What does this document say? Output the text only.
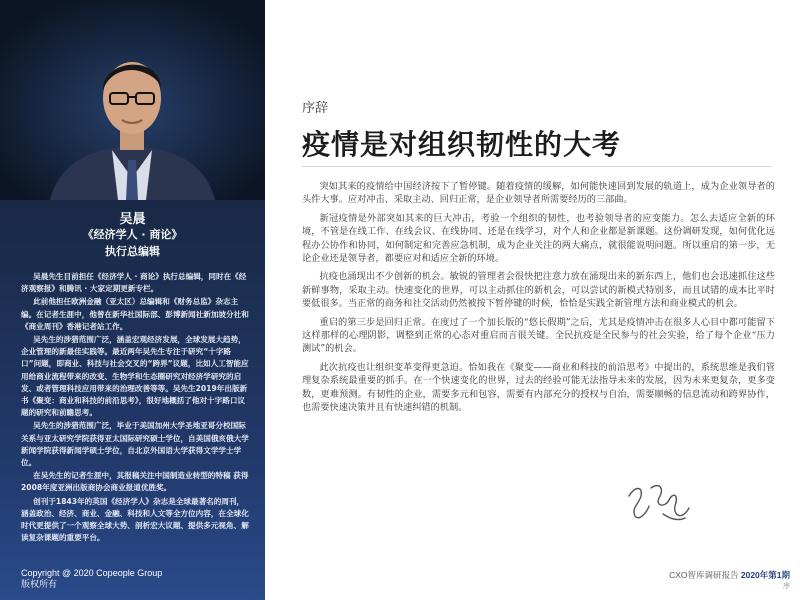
吴晨
《经济学人 · 商论》
执行总编辑

吴晨先生目前担任《经济学人 · 商论》执行总编辑，同时在《经济观察报》和腾讯 · 大家定期更新专栏。

此前他担任欧洲金融（亚太区）总编辑和《财务总监》杂志主编。在记者生涯中，他曾在新华社国际部、彭博新闻社新加坡分社和《商业周刊》香港记者站工作。

吴先生的涉猎范围广泛，涵盖宏观经济发展，全球发展大趋势，企业管理的新最佳实践等。最近两年吴先生专注于研究“十字路口”问题，即商业、科技与社会交叉的“跨界”议题，比如人工智能应用给商业流程带来的改变、生物学和生态圈研究对经济学研究的启发、或者管理科技应用带来的治理改善等等。吴先生2019年出版新书《聚变：商业和科技的前沿思考》，很好地概括了他对十字路口议题的研究和前瞻思考。

吴先生的涉猎范围广泛，毕业于美国加州大学圣地亚哥分校国际关系与亚太研究学院获得亚太国际研究硕士学位，自美国俄亥俄大学新闻学院获得新闻学硕士学位，自北京外国语大学获得文学学士学位。

在吴先生的记者生涯中，其报稿关注中国制造业转型的特稿 获得2008年度亚洲出版商协会商业报道优胜奖。

创刊于1843年的英国《经济学人》杂志是全球最著名的周刊，涵盖政治、经济、商业、金融、科技和人文等全方位内容，在全球化时代更提供了一个观察全球大势、剖析宏大议题、提供多元视角、解读复杂课题的重要平台。

Copyright @ 2020 Copeople Group
版权所有
序辞
疫情是对组织韧性的大考

突如其来的疫情给中国经济按下了暂停键。随着疫情的缓解，如何能快速回到发展的轨道上，成为企业领导者的头件大事。应对冲击、采取主动、回归正常，是企业领导者所需要经历的三部曲。

新冠疫情是外部突如其来的巨大冲击，考验一个组织的韧性，也考验领导者的应变能力。怎么去适应全新的环境，不管是在线工作、在线会议、在线协同、还是在线学习，对个人和企业都是新课题。这份调研发现，如何优化远程办公协作和协同，如何制定和完善应急机制，成为企业关注的两大痛点，就很能说明问题。所以重启的第一步，无论企业还是领导者，都要应对和适应全新的环境。

抗疫也涌现出不少创新的机会。敏锐的管理者会很快把注意力放在涌现出来的新东西上，他们也会迅速抓住这些新鲜事物，采取主动。快速变化的世界，可以主动抓住的新机会，可以尝试的新模式特别多，而且试错的成本比平时要低很多。当正常的商务和社交活动仍然被按下暂停键的时候，恰恰是实践全新管理方法和商业模式的机会。

重启的第三步是回归正常。在度过了一个加长版的“悠长假期”之后，尤其是疫情冲击在很多人心目中都可能留下这样那样的心理阴影，调整到正常的心态对重启而言很关键。全民抗疫是全民参与的社会实验，给了每个企业“压力测试”的机会。

此次抗疫也让组织变革变得更急迫。恰如我在《聚变——商业和科技的前沿思考》中提出的，系统思维是我们管理复杂系统最重要的抓手。在一个快速变化的世界，过去的经验可能无法指导未来的发展，因为未来更复杂，更多变数，更难预测。有韧性的企业，需要多元和包容，需要有内部充分的授权与自治，需要顺畅的信息流动和跨界协作，也需要快速决策并且有快速纠错的机制。

CXO智库调研报告 2020年第1期
序
